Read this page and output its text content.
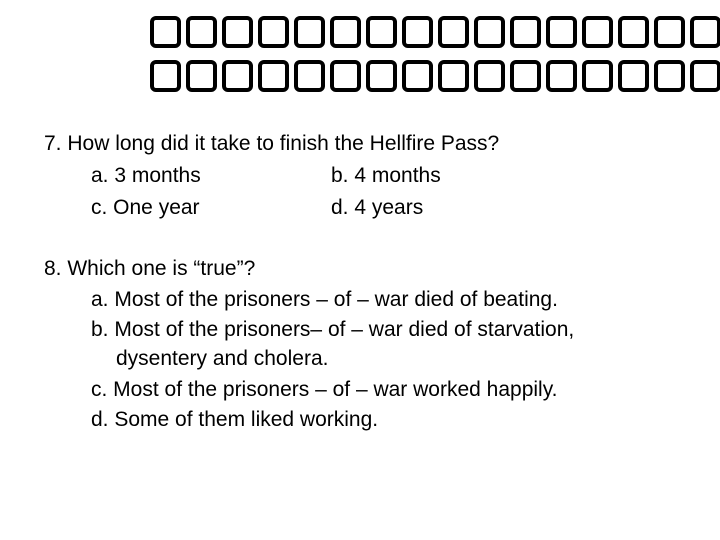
7. How long did it take to finish the Hellfire Pass?
a. 3 months	b. 4 months
c. One year	d. 4 years
8. Which one is “true”?
a. Most of the prisoners – of – war died of beating.
b. Most of the prisoners– of – war died of starvation,
dysentery and cholera.
c. Most of the prisoners – of – war worked happily.
d. Some of them liked working.
